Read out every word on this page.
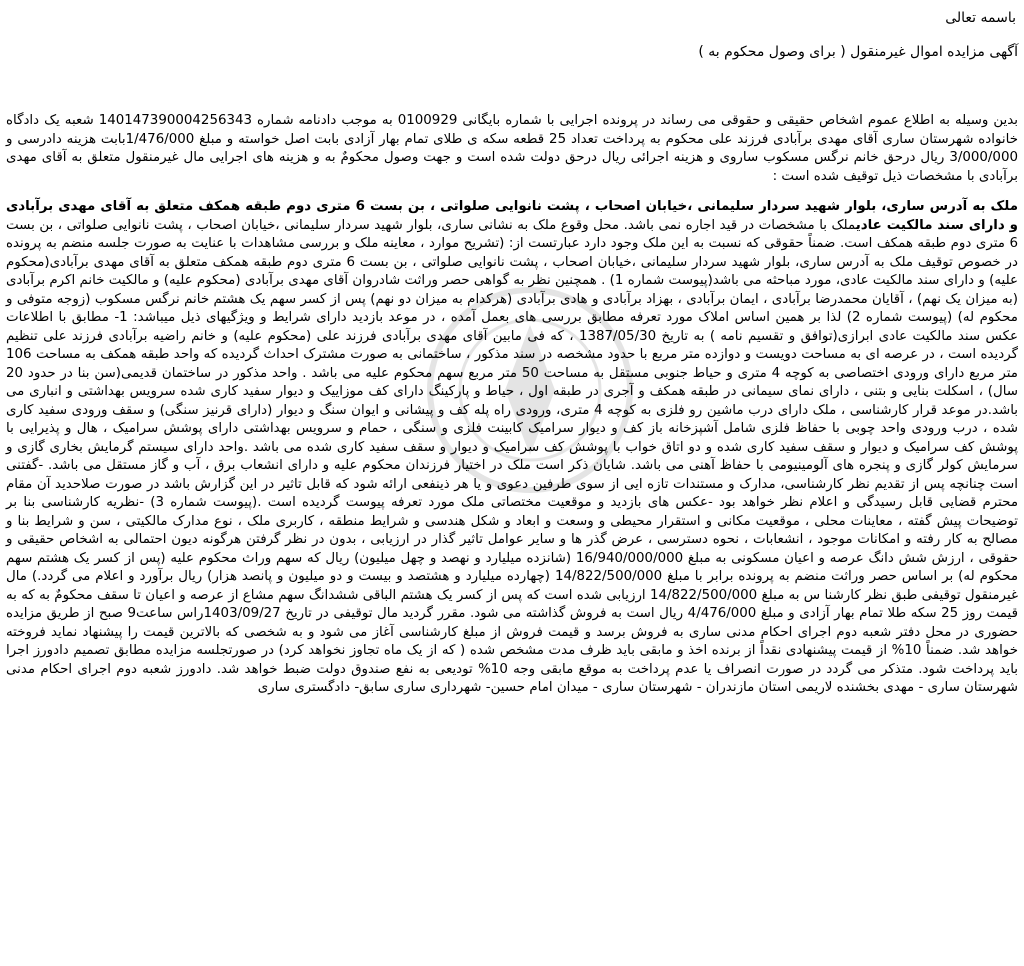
باسمه تعالی

آگهی مزایده اموال غیرمنقول ( برای وصول محکوم به )

بدین وسیله به اطلاع عموم اشخاص حقیقی و حقوقی می رساند در پرونده اجرایی با شماره بایگانی 0100929 به موجب دادنامه شماره 140147390004256343 شعبه یک دادگاه خانواده شهرستان ساری آقای مهدی برآبادی فرزند علی محکوم به پرداخت تعداد 25 قطعه سکه ی طلای تمام بهار آزادی بابت اصل خواسته و مبلغ 1/476/000بابت هزینه دادرسی و 3/000/000 ریال درحق خانم نرگس مسکوب ساروی و هزینه اجرائی ریال درحق دولت شده است و جهت وصول محکومٌ به و هزینه های اجرایی مال غیرمنقول متعلق به آقای مهدی برآبادی با مشخصات ذیل توقیف شده است :

ملک به آدرس ساری، بلوار شهید سردار سلیمانی ،خیابان اصحاب ، پشت نانوایی صلواتی ، بن بست 6 متری دوم طبقه همکف متعلق به آقای مهدی برآبادی و دارای سند مالکیت عادیملک با مشخصات در قید اجاره نمی باشد. محل وقوع ملک به نشانی ساری، بلوار شهید سردار سلیمانی ،خیابان اصحاب ، پشت نانوایی صلواتی ، بن بست 6 متری دوم طبقه همکف است. ضمناً حقوقی که نسبت به این ملک وجود دارد عبارتست از: (تشریح موارد ، معاینه ملک و بررسی مشاهدات با عنایت به صورت جلسه منضم به پرونده در خصوص توقیف ملک به آدرس ساری، بلوار شهید سردار سلیمانی ،خیابان اصحاب ، پشت نانوایی صلواتی ، بن بست 6 متری دوم طبقه همکف متعلق به آقای مهدی برآبادی(محکوم علیه) و دارای سند مالکیت عادی، مورد مباحثه می باشد(پیوست شماره 1) . همچنین نظر به گواهی حصر وراثت شادروان آقای مهدی برآبادی (محکوم علیه) و مالکیت خانم اکرم برآبادی (به میزان یک نهم) ، آقایان محمدرضا برآبادی ، ایمان برآبادی ، بهزاد برآبادی و هادی برآبادی (هرکدام به میزان دو نهم) پس از کسر سهم یک هشتم خانم نرگس مسکوب (زوجه متوفی و محکوم له) (پیوست شماره 2) لذا بر همین اساس املاک مورد تعرفه مطابق بررسی های بعمل آمده ، در موعد بازدید دارای شرایط و ویژگیهای ذیل میباشد: 1- مطابق با اطلاعات عکس سند مالکیت عادی ابرازی(توافق و تقسیم نامه ) به تاریخ 1387/05/30 ، که فی مابین آقای مهدی برآبادی فرزند علی (محکوم علیه) و خانم راضیه برآبادی فرزند علی تنظیم گردیده است ، در عرصه ای به مساحت دویست و دوازده متر مربع با حدود مشخصه در سند مذکور ، ساختمانی به صورت مشترک احداث گردیده که واحد طبقه همکف به مساحت 106 متر مربع دارای ورودی اختصاصی به کوچه 4 متری و حیاط جنوبی مستقل به مساحت 50 متر مربع سهم محکوم علیه می باشد . واحد مذکور در ساختمان قدیمی(سن بنا در حدود 20 سال) ، اسکلت بنایی و بتنی ، دارای نمای سیمانی در طبقه همکف و آجری در طبقه اول ، حیاط و پارکینگ دارای کف موزاییک و دیوار سفید کاری شده سرویس بهداشتی و انباری می باشد.در موعد قرار کارشناسی ، ملک دارای درب ماشین رو فلزی به کوچه 4 متری، ورودی راه پله کف و پیشانی و ایوان سنگ و دیوار (دارای قرنیز سنگی) و سقف ورودی سفید کاری شده ، درب ورودی واحد چوبی با حفاظ فلزی شامل آشپزخانه باز کف و دیوار سرامیک کابینت فلزی و سنگی ، حمام و سرویس بهداشتی دارای پوشش سرامیک ، هال و پذیرایی با پوشش کف سرامیک و دیوار و سقف سفید کاری شده و دو اتاق خواب با پوشش کف سرامیک و دیوار و سقف سفید کاری شده می باشد .واحد دارای سیستم گرمایش بخاری گازی و سرمایش کولر گازی و پنجره های آلومینیومی با حفاظ آهنی می باشد. شایان ذکر است ملک در اختیار فرزندان محکوم علیه و دارای انشعاب برق ، آب و گاز مستقل می باشد. -گفتنی است چنانچه پس از تقدیم نظر کارشناسی، مدارک و مستندات تازه ایی از سوی طرفین دعوی و یا هر ذینفعی ارائه شود که قابل تاثیر در این گزارش باشد در صورت صلاحدید آن مقام محترم قضایی قابل رسیدگی و اعلام نظر خواهد بود -عکس های بازدید و موقعیت مختصاتی ملک مورد تعرفه پیوست گردیده است .(پیوست شماره 3) -نظریه کارشناسی بنا بر توضیحات پیش گفته ، معاینات محلی ، موقعیت مکانی و استقرار محیطی و وسعت و ابعاد و شکل هندسی و شرایط منطقه ، کاربری ملک ، نوع مدارک مالکیتی ، سن و شرایط بنا و مصالح به کار رفته و امکانات موجود ، انشعابات ، نحوه دسترسی ، عرض گذر ها و سایر عوامل تاثیر گذار در ارزیابی ، بدون در نظر گرفتن هرگونه دیون احتمالی به اشخاص حقیقی و حقوقی ، ارزش شش دانگ عرصه و اعیان مسکونی به مبلغ 16/940/000/000 (شانزده میلیارد و نهصد و چهل میلیون) ریال که سهم وراث محکوم علیه (پس از کسر یک هشتم سهم محکوم له) بر اساس حصر وراثت منضم به پرونده برابر با مبلغ 14/822/500/000 (چهارده میلیارد و هشتصد و بیست و دو میلیون و پانصد هزار) ریال برآورد و اعلام می گردد.) مال غیرمنقول توقیفی طبق نظر کارشنا س به مبلغ 14/822/500/000 ارزیابی شده است که پس از کسر یک هشتم الباقی ششدانگ سهم مشاع از عرصه و اعیان تا سقف محکومٌ به که به قیمت روز 25 سکه طلا تمام بهار آزادی و مبلغ 4/476/000 ریال است به فروش گذاشته می شود. مقرر گردید مال توقیفی در تاریخ 1403/09/27راس ساعت9 صبح از طریق مزایده حضوری در محل دفتر شعبه دوم اجرای احکام مدنی ساری به فروش برسد و قیمت فروش از مبلغ کارشناسی آغاز می شود و به شخصی که بالاترین قیمت را پیشنهاد نماید فروخته خواهد شد. ضمناً 10% از قیمت پیشنهادی نقداً از برنده اخذ و مابقی باید ظرف مدت مشخص شده ( که از یک ماه تجاوز نخواهد کرد) در صورتجلسه مزایده مطابق تصمیم دادورز اجرا باید پرداخت شود. متذکر می گردد در صورت انصراف یا عدم پرداخت به موقع مابقی وجه 10% تودیعی به نفع صندوق دولت ضبط خواهد شد. دادورز شعبه دوم اجرای احکام مدنی شهرستان ساری - مهدی بخشنده لاریمی استان مازندران - شهرستان ساری - میدان امام حسین- شهرداری ساری سابق- دادگستری ساری
